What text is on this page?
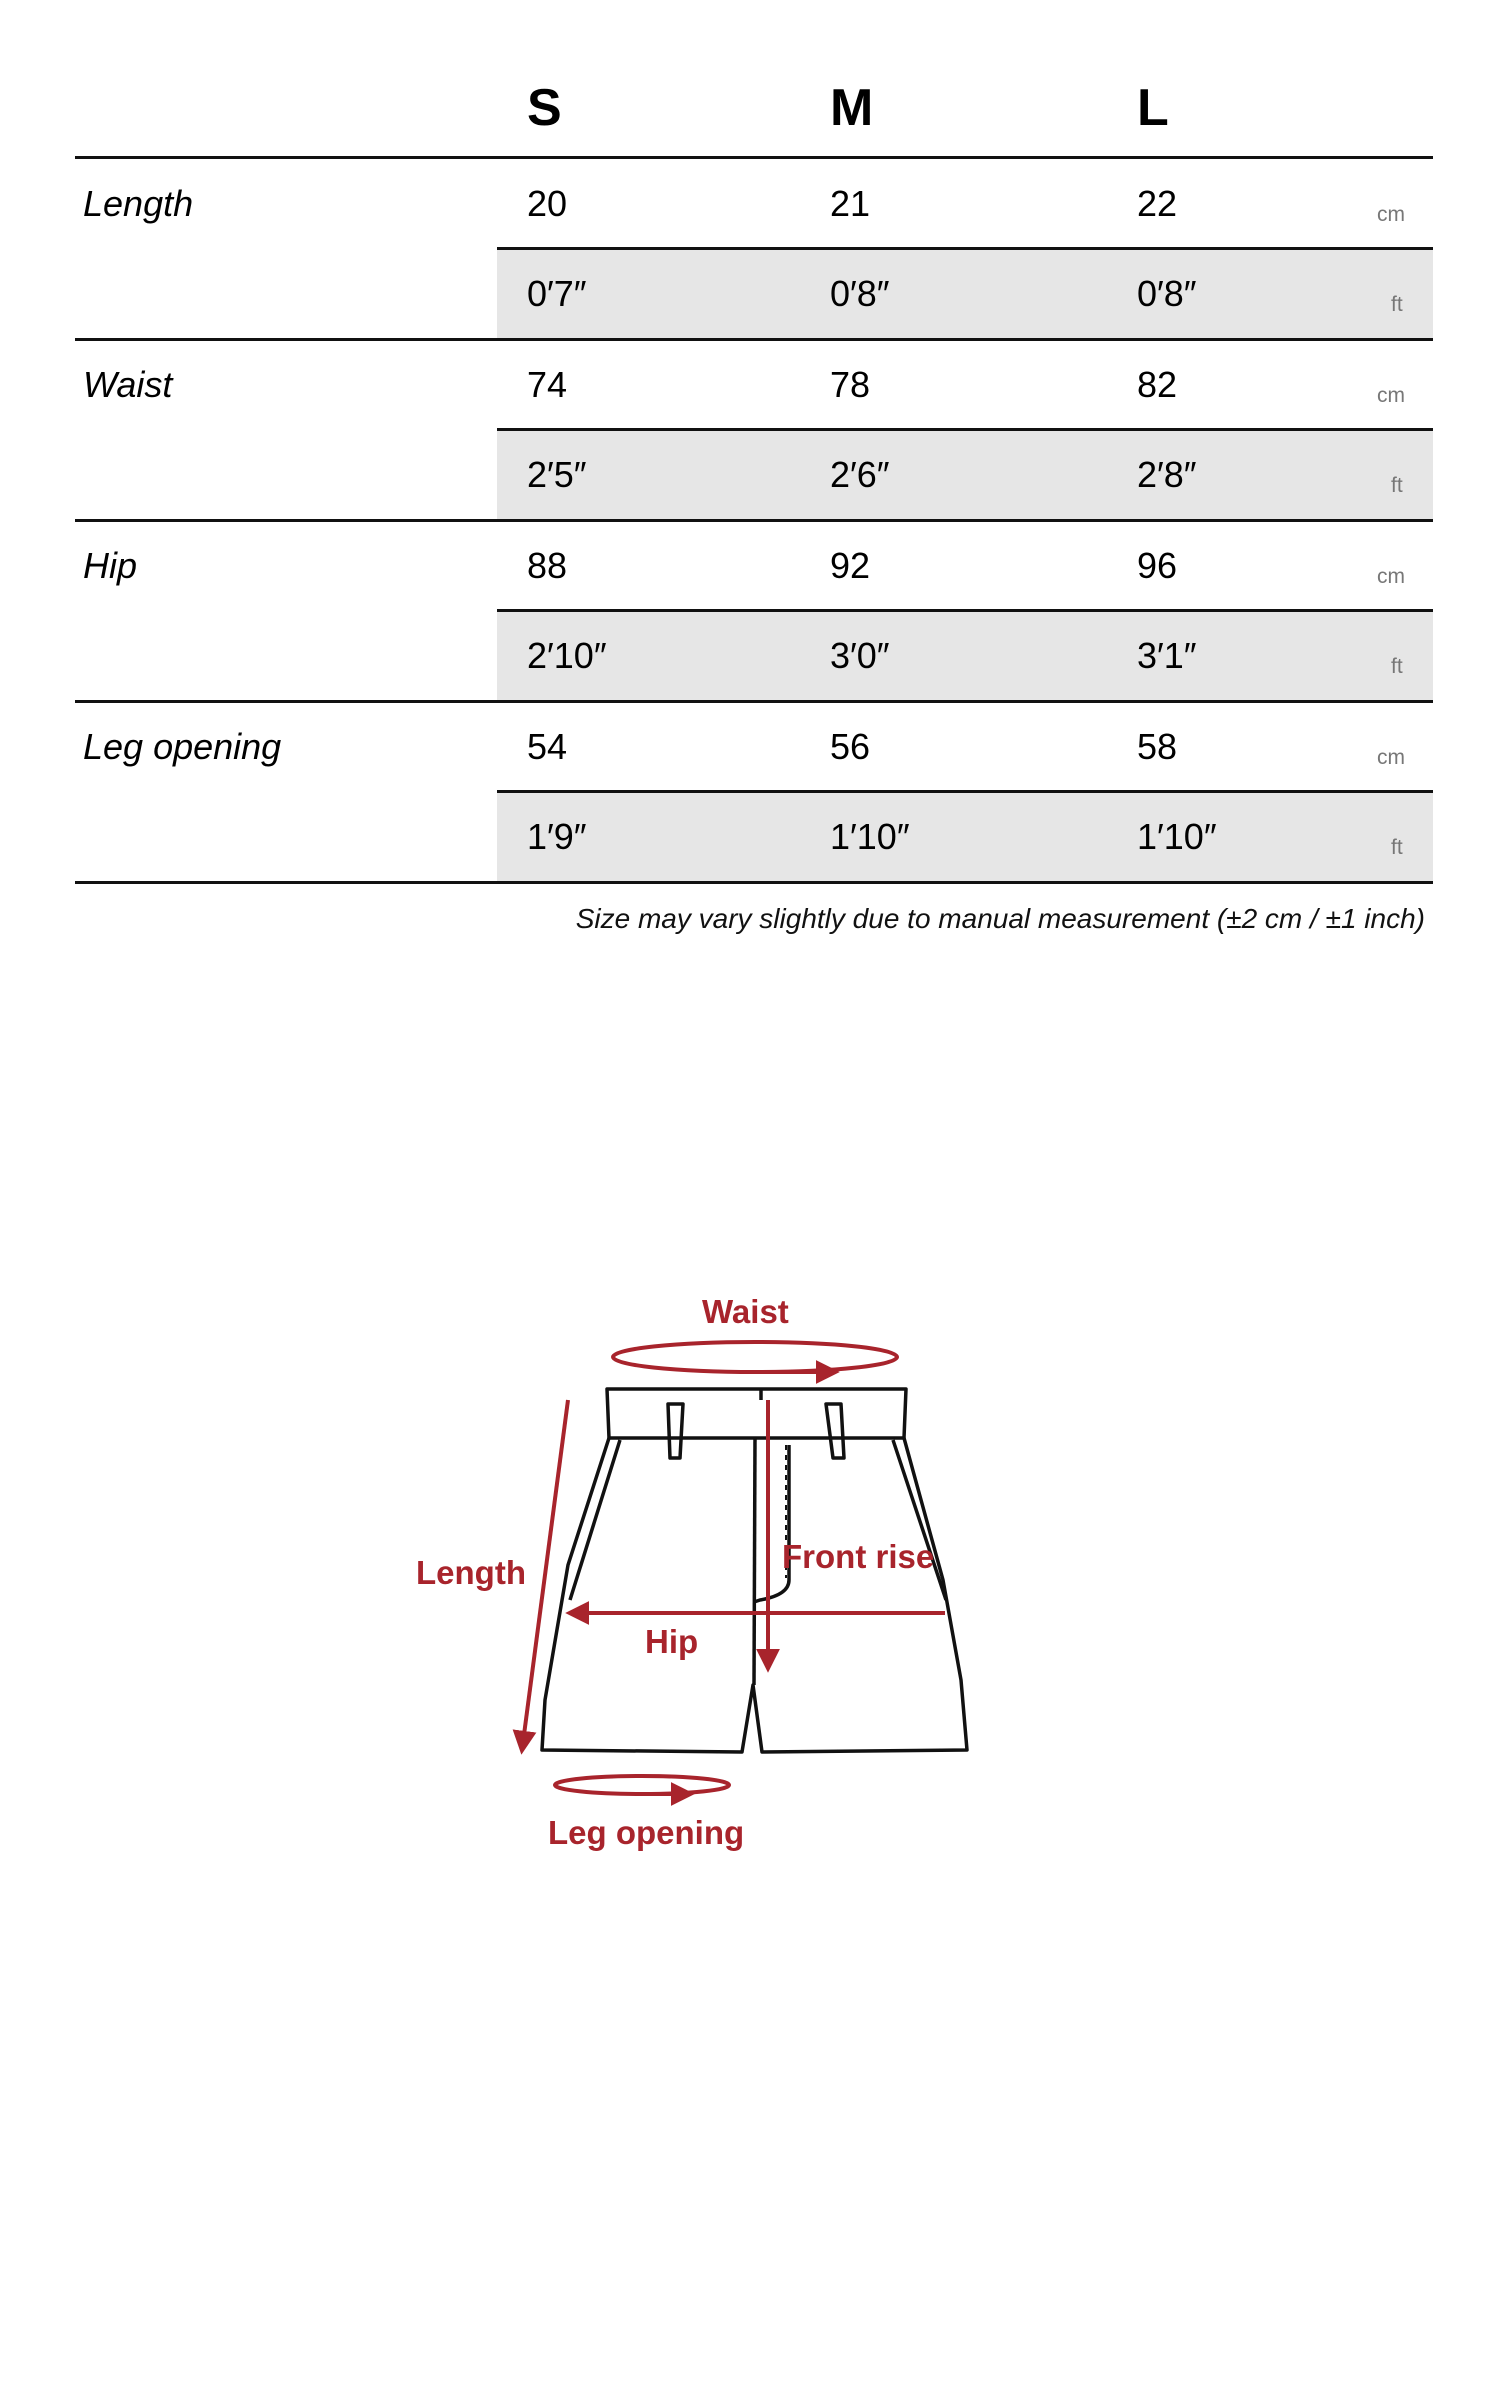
S	M	L
Length	20	21	22	cm
0′7″	0′8″	0′8″	ft
Waist	74	78	82	cm
2′5″	2′6″	2′8″	ft
Hip	88	92	96	cm
2′10″	3′0″	3′1″	ft
Leg opening	54	56	58	cm
1′9″	1′10″	1′10″	ft
Size may vary slightly due to manual measurement (±2 cm / ±1 inch)
Waist
Length	Front rise
Hip
Leg opening
